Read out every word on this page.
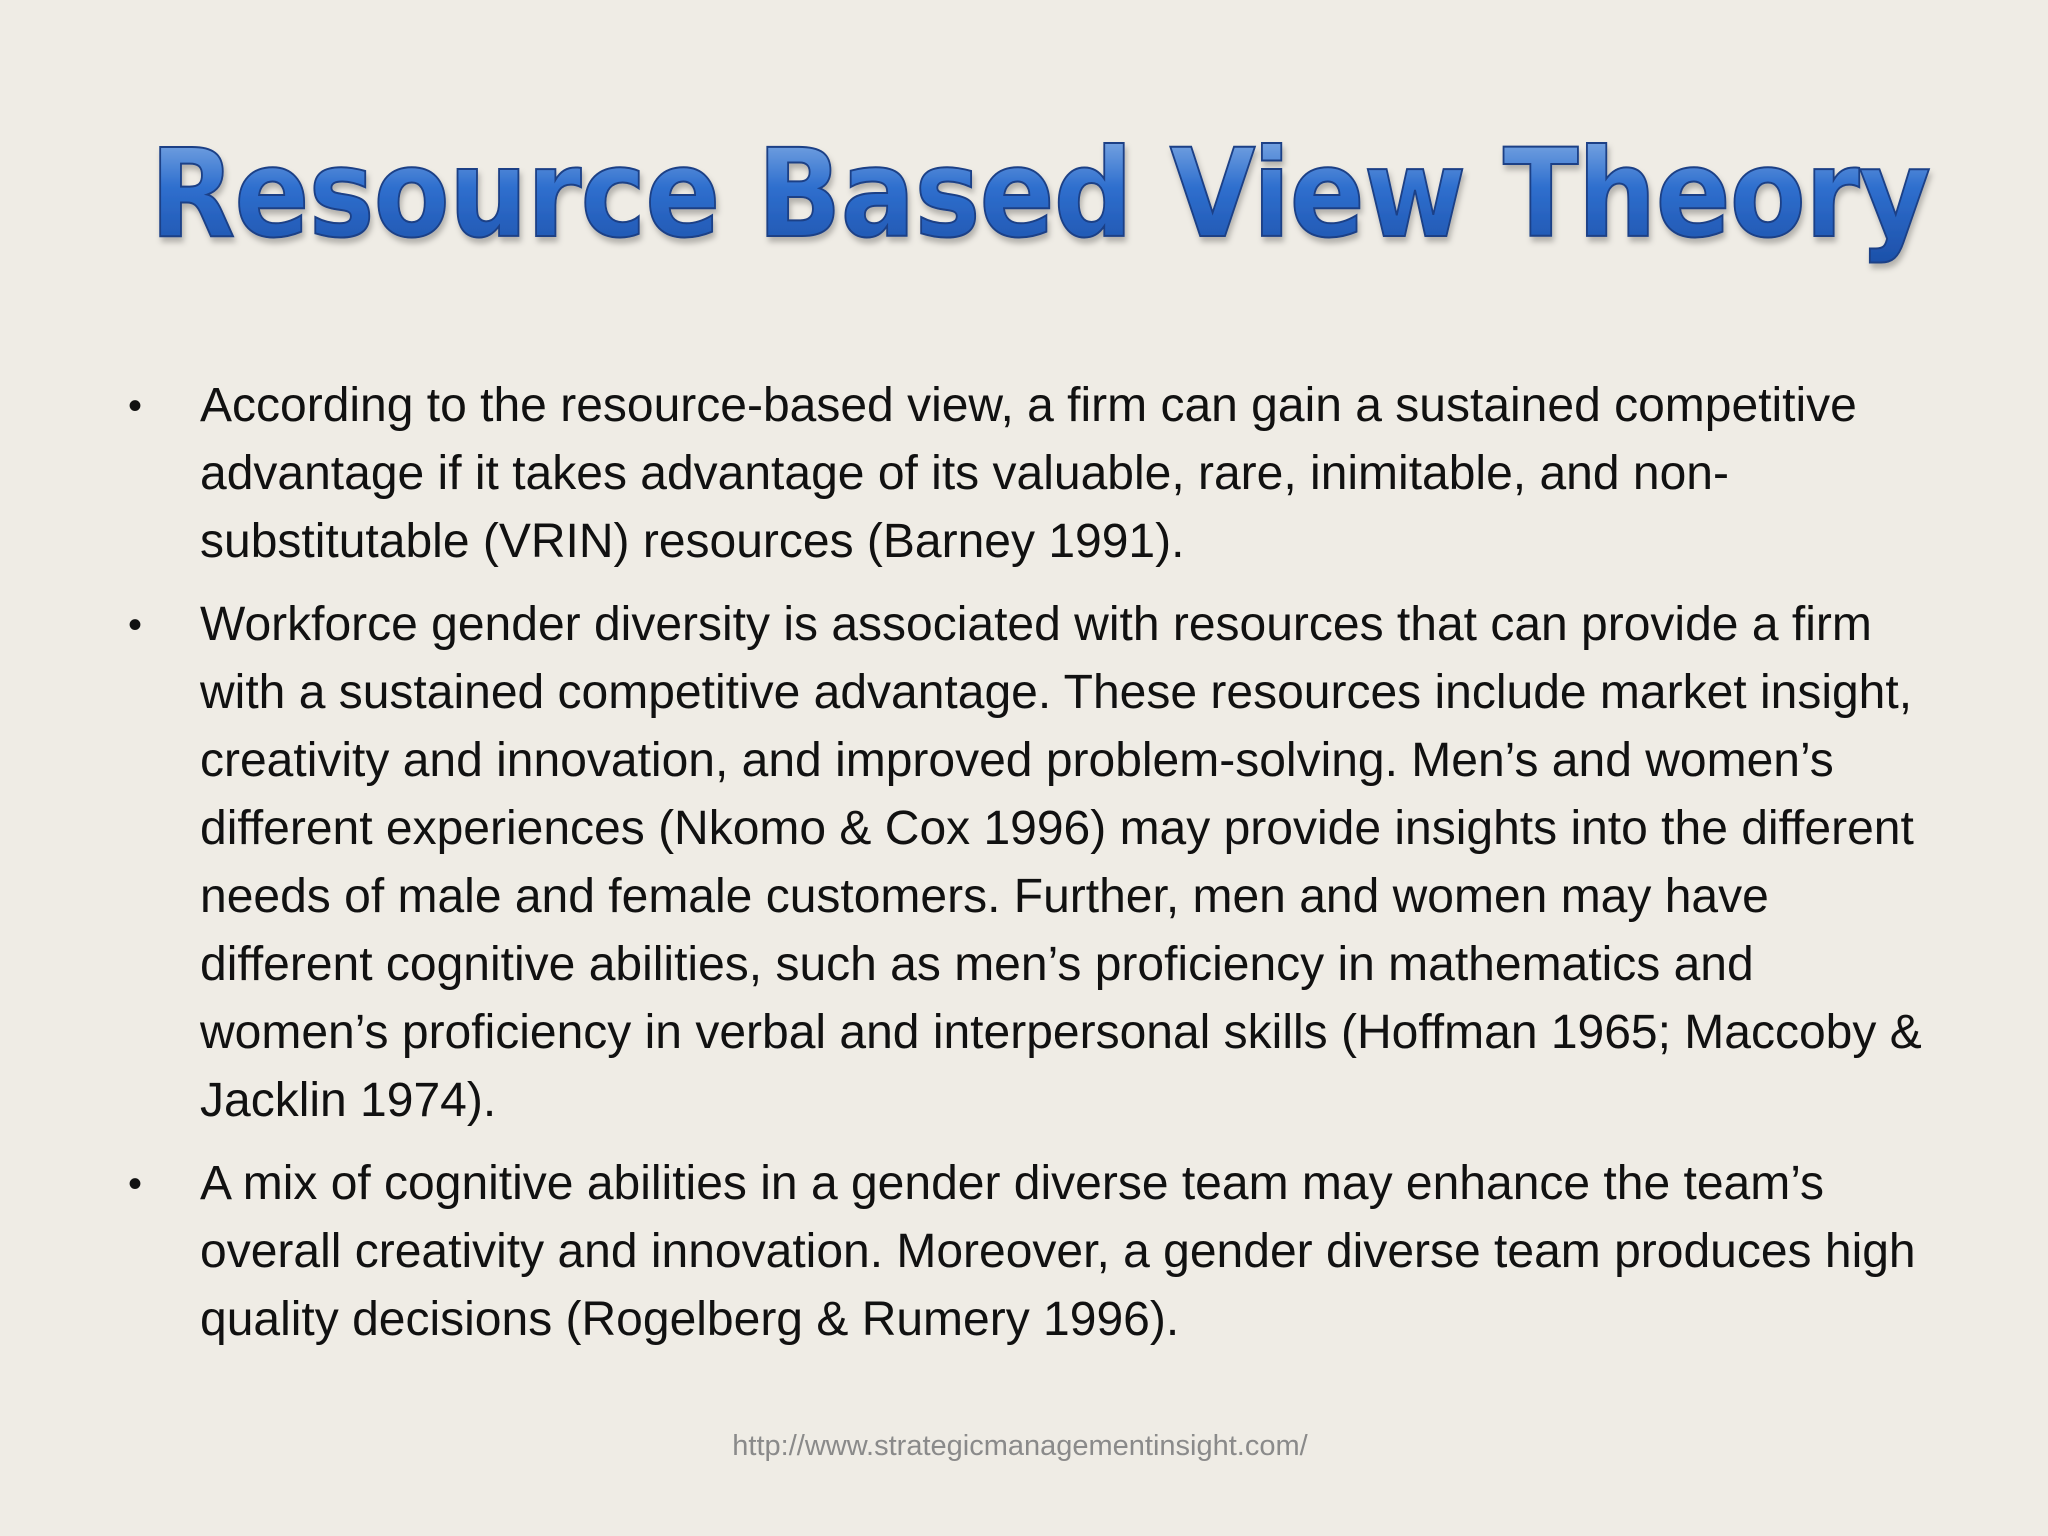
Resource Based View Theory
• According to the resource-based view, a firm can gain a sustained competitive advantage if it takes advantage of its valuable, rare, inimitable, and non-substitutable (VRIN) resources (Barney 1991).
• Workforce gender diversity is associated with resources that can provide a firm with a sustained competitive advantage. These resources include market insight, creativity and innovation, and improved problem-solving. Men’s and women’s different experiences (Nkomo & Cox 1996) may provide insights into the different needs of male and female customers. Further, men and women may have different cognitive abilities, such as men’s proficiency in mathematics and women’s proficiency in verbal and interpersonal skills (Hoffman 1965; Maccoby & Jacklin 1974).
• A mix of cognitive abilities in a gender diverse team may enhance the team’s overall creativity and innovation. Moreover, a gender diverse team produces high quality decisions (Rogelberg & Rumery 1996).
http://www.strategicmanagementinsight.com/
